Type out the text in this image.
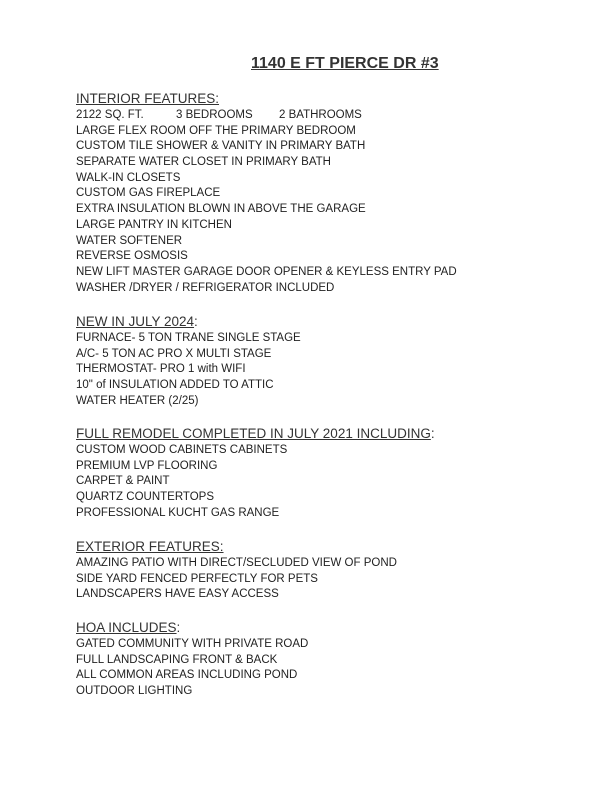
1140 E FT PIERCE DR #3
INTERIOR FEATURES:
2122 SQ. FT.	3 BEDROOMS 2 BATHROOMS
LARGE FLEX ROOM OFF THE PRIMARY BEDROOM
CUSTOM TILE SHOWER & VANITY IN PRIMARY BATH
SEPARATE WATER CLOSET IN PRIMARY BATH
WALK-IN CLOSETS
CUSTOM GAS FIREPLACE
EXTRA INSULATION BLOWN IN ABOVE THE GARAGE
LARGE PANTRY IN KITCHEN
WATER SOFTENER
REVERSE OSMOSIS
NEW LIFT MASTER GARAGE DOOR OPENER & KEYLESS ENTRY PAD
WASHER /DRYER / REFRIGERATOR INCLUDED
NEW IN JULY 2024:
FURNACE- 5 TON TRANE SINGLE STAGE
A/C- 5 TON AC PRO X MULTI STAGE
THERMOSTAT- PRO 1 with WIFI
10" of INSULATION ADDED TO ATTIC
WATER HEATER (2/25)
FULL REMODEL COMPLETED IN JULY 2021 INCLUDING:
CUSTOM WOOD CABINETS CABINETS
PREMIUM LVP FLOORING
CARPET & PAINT
QUARTZ COUNTERTOPS
PROFESSIONAL KUCHT GAS RANGE
EXTERIOR FEATURES:
AMAZING PATIO WITH DIRECT/SECLUDED VIEW OF POND
SIDE YARD FENCED PERFECTLY FOR PETS
LANDSCAPERS HAVE EASY ACCESS
HOA INCLUDES:
GATED COMMUNITY WITH PRIVATE ROAD
FULL LANDSCAPING FRONT & BACK
ALL COMMON AREAS INCLUDING POND
OUTDOOR LIGHTING
